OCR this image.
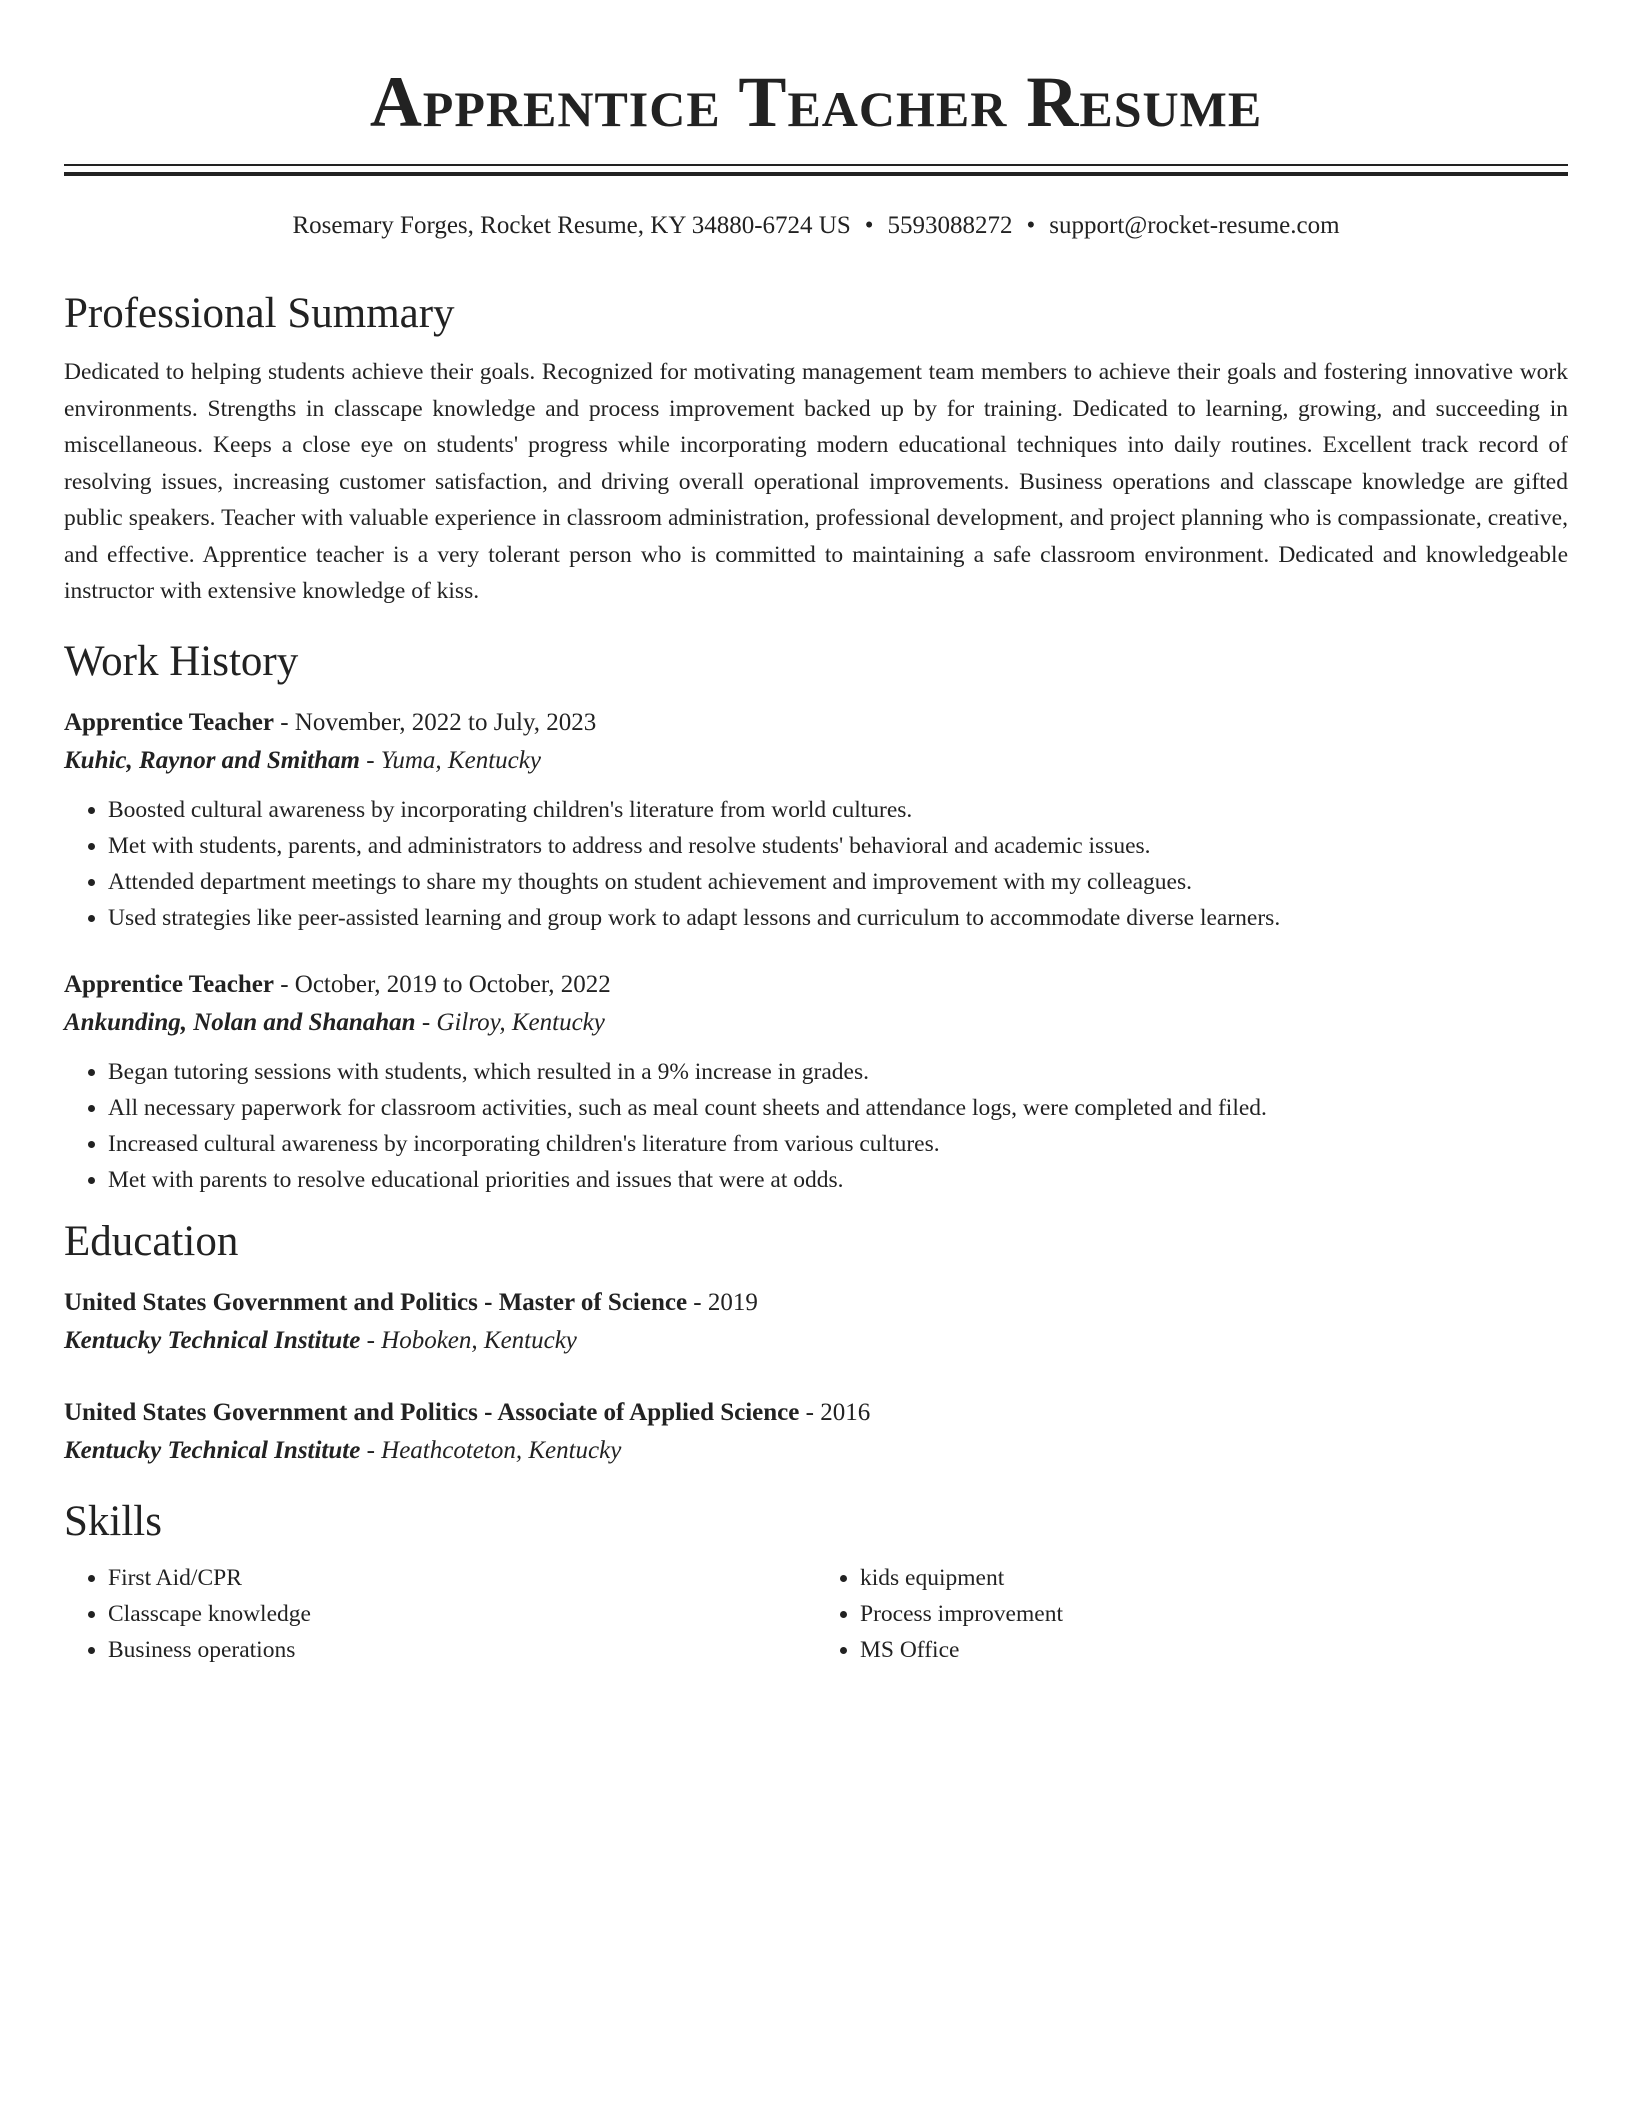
Apprentice Teacher Resume
Rosemary Forges, Rocket Resume, KY 34880-6724 US • 5593088272 • support@rocket-resume.com
Professional Summary
Dedicated to helping students achieve their goals. Recognized for motivating management team members to achieve their goals and fostering innovative work environments. Strengths in classcape knowledge and process improvement backed up by for training. Dedicated to learning, growing, and succeeding in miscellaneous. Keeps a close eye on students' progress while incorporating modern educational techniques into daily routines. Excellent track record of resolving issues, increasing customer satisfaction, and driving overall operational improvements. Business operations and classcape knowledge are gifted public speakers. Teacher with valuable experience in classroom administration, professional development, and project planning who is compassionate, creative, and effective. Apprentice teacher is a very tolerant person who is committed to maintaining a safe classroom environment. Dedicated and knowledgeable instructor with extensive knowledge of kiss.
Work History
Apprentice Teacher - November, 2022 to July, 2023
Kuhic, Raynor and Smitham - Yuma, Kentucky
• Boosted cultural awareness by incorporating children's literature from world cultures.
• Met with students, parents, and administrators to address and resolve students' behavioral and academic issues.
• Attended department meetings to share my thoughts on student achievement and improvement with my colleagues.
• Used strategies like peer-assisted learning and group work to adapt lessons and curriculum to accommodate diverse learners.
Apprentice Teacher - October, 2019 to October, 2022
Ankunding, Nolan and Shanahan - Gilroy, Kentucky
• Began tutoring sessions with students, which resulted in a 9% increase in grades.
• All necessary paperwork for classroom activities, such as meal count sheets and attendance logs, were completed and filed.
• Increased cultural awareness by incorporating children's literature from various cultures.
• Met with parents to resolve educational priorities and issues that were at odds.
Education
United States Government and Politics - Master of Science - 2019
Kentucky Technical Institute - Hoboken, Kentucky
United States Government and Politics - Associate of Applied Science - 2016
Kentucky Technical Institute - Heathcoteton, Kentucky
Skills
• First Aid/CPR
• Classcape knowledge
• Business operations
• kids equipment
• Process improvement
• MS Office
